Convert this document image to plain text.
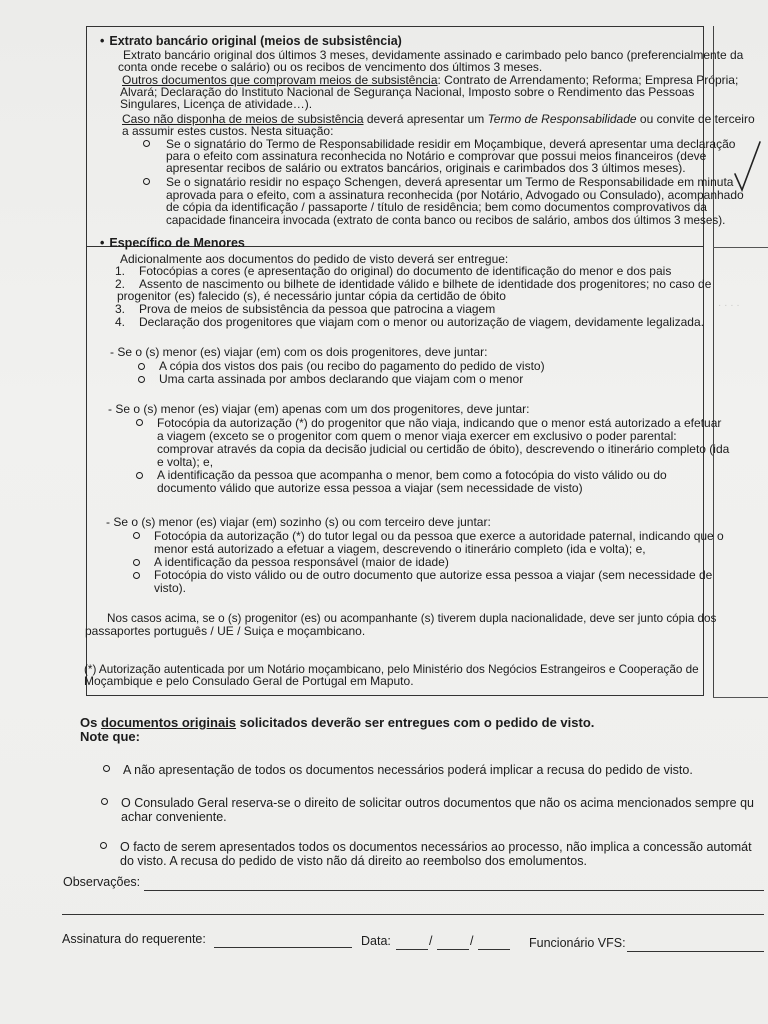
· · · ·
• Extrato bancário original (meios de subsistência)
Extrato bancário original dos últimos 3 meses, devidamente assinado e carimbado pelo banco (preferencialmente da
conta onde recebe o salário) ou os recibos de vencimento dos últimos 3 meses.
Outros documentos que comprovam meios de subsistência: Contrato de Arrendamento; Reforma; Empresa Própria;
Alvará; Declaração do Instituto Nacional de Segurança Nacional, Imposto sobre o Rendimento das Pessoas
Singulares, Licença de atividade…).
Caso não disponha de meios de subsistência deverá apresentar um Termo de Responsabilidade ou convite de terceiro
a assumir estes custos. Nesta situação:
Se o signatário do Termo de Responsabilidade residir em Moçambique, deverá apresentar uma declaração
para o efeito com assinatura reconhecida no Notário e comprovar que possui meios financeiros (deve
apresentar recibos de salário ou extratos bancários, originais e carimbados dos 3 últimos meses).
Se o signatário residir no espaço Schengen, deverá apresentar um Termo de Responsabilidade em minuta
aprovada para o efeito, com a assinatura reconhecida (por Notário, Advogado ou Consulado), acompanhado
de cópia da identificação / passaporte / título de residência; bem como documentos comprovativos da
capacidade financeira invocada (extrato de conta banco ou recibos de salário, ambos dos últimos 3 meses).
• Específico de Menores
Adicionalmente aos documentos do pedido de visto deverá ser entregue:
1. Fotocópias a cores (e apresentação do original) do documento de identificação do menor e dos pais
2. Assento de nascimento ou bilhete de identidade válido e bilhete de identidade dos progenitores; no caso de
progenitor (es) falecido (s), é necessário juntar cópia da certidão de óbito
3. Prova de meios de subsistência da pessoa que patrocina a viagem
4. Declaração dos progenitores que viajam com o menor ou autorização de viagem, devidamente legalizada.
- Se o (s) menor (es) viajar (em) com os dois progenitores, deve juntar:
A cópia dos vistos dos pais (ou recibo do pagamento do pedido de visto)
Uma carta assinada por ambos declarando que viajam com o menor
- Se o (s) menor (es) viajar (em) apenas com um dos progenitores, deve juntar:
Fotocópia da autorização (*) do progenitor que não viaja, indicando que o menor está autorizado a efetuar
a viagem (exceto se o progenitor com quem o menor viaja exercer em exclusivo o poder parental:
comprovar através da copia da decisão judicial ou certidão de óbito), descrevendo o itinerário completo (ida
e volta); e,
A identificação da pessoa que acompanha o menor, bem como a fotocópia do visto válido ou do
documento válido que autorize essa pessoa a viajar (sem necessidade de visto)
- Se o (s) menor (es) viajar (em) sozinho (s) ou com terceiro deve juntar:
Fotocópia da autorização (*) do tutor legal ou da pessoa que exerce a autoridade paternal, indicando que o
menor está autorizado a efetuar a viagem, descrevendo o itinerário completo (ida e volta); e,
A identificação da pessoa responsável (maior de idade)
Fotocópia do visto válido ou de outro documento que autorize essa pessoa a viajar (sem necessidade de
visto).
Nos casos acima, se o (s) progenitor (es) ou acompanhante (s) tiverem dupla nacionalidade, deve ser junto cópia dos
passaportes português / UE / Suiça e moçambicano.
(*) Autorização autenticada por um Notário moçambicano, pelo Ministério dos Negócios Estrangeiros e Cooperação de
Moçambique e pelo Consulado Geral de Portugal em Maputo.
Os documentos originais solicitados deverão ser entregues com o pedido de visto.
Note que:
A não apresentação de todos os documentos necessários poderá implicar a recusa do pedido de visto.
O Consulado Geral reserva-se o direito de solicitar outros documentos que não os acima mencionados sempre qu
achar conveniente.
O facto de serem apresentados todos os documentos necessários ao processo, não implica a concessão automát
do visto. A recusa do pedido de visto não dá direito ao reembolso dos emolumentos.
Observações:
Assinatura do requerente:	Data:	/	/	Funcionário VFS:
